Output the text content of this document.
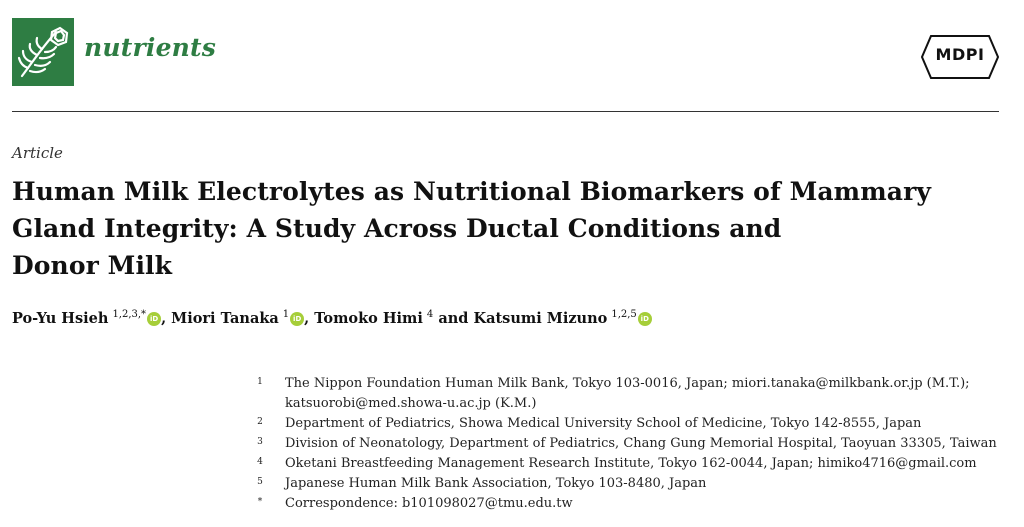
nutrients	MDPI
Article
Human Milk Electrolytes as Nutritional Biomarkers of Mammary
Gland Integrity: A Study Across Ductal Conditions and
Donor Milk
Po-Yu Hsieh $^{1,2,3,*}$ iD , Miori Tanaka $^1$ iD , Tomoko Himi $^4$ and Katsumi Mizuno $^{1,2,5}$ iD
1 The Nippon Foundation Human Milk Bank, Tokyo 103-0016, Japan; miori.tanaka@milkbank.or.jp (M.T.);
katsuorobi@med.showa-u.ac.jp (K.M.)
2 Department of Pediatrics, Showa Medical University School of Medicine, Tokyo 142-8555, Japan
3 Division of Neonatology, Department of Pediatrics, Chang Gung Memorial Hospital, Taoyuan 33305, Taiwan
4 Oketani Breastfeeding Management Research Institute, Tokyo 162-0044, Japan; himiko4716@gmail.com
5 Japanese Human Milk Bank Association, Tokyo 103-8480, Japan
* Correspondence: b101098027@tmu.edu.tw
